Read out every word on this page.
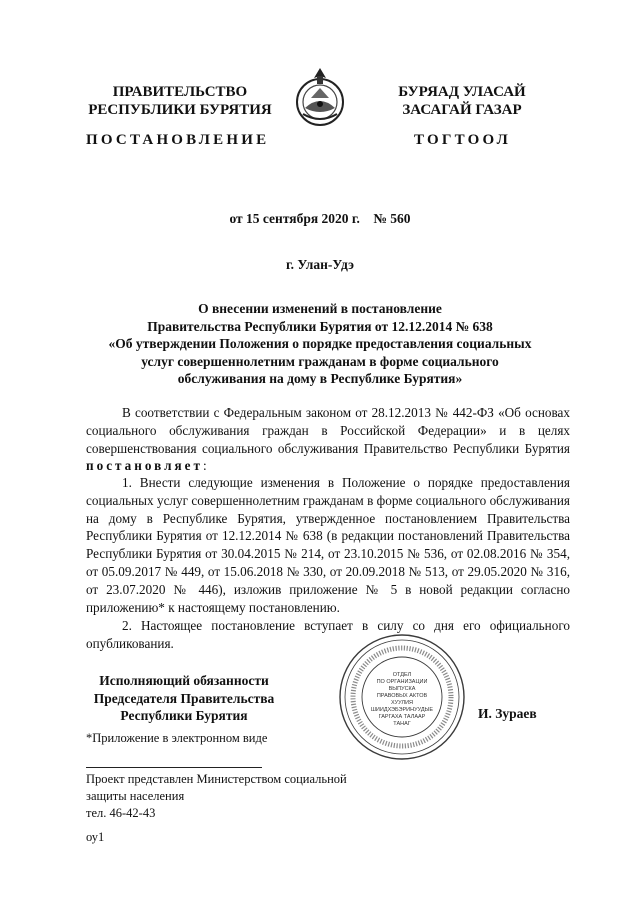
ПРАВИТЕЛЬСТВО
РЕСПУБЛИКИ БУРЯТИЯ
БУРЯАД УЛАСАЙ
ЗАСАГАЙ ГАЗАР
ПОСТАНОВЛЕНИЕ	ТОГТООЛ
от 15 сентября 2020 г.    № 560
г. Улан-Удэ
О внесении изменений в постановление
Правительства Республики Бурятия от 12.12.2014 № 638
«Об утверждении Положения о порядке предоставления социальных
услуг совершеннолетним гражданам в форме социального
обслуживания на дому в Республике Бурятия»
В соответствии с Федеральным законом от 28.12.2013 № 442-ФЗ «Об основах социального обслуживания граждан в Российской Федерации» и в целях совершенствования социального обслуживания Правительство Республики Бурятия постановляет:
1. Внести следующие изменения в Положение о порядке предоставления социальных услуг совершеннолетним гражданам в форме социального обслуживания на дому в Республике Бурятия, утвержденное постановлением Правительства Республики Бурятия от 12.12.2014 № 638 (в редакции постановлений Правительства Республики Бурятия от 30.04.2015 № 214, от 23.10.2015 № 536, от 02.08.2016 № 354, от 05.09.2017 № 449, от 15.06.2018 № 330, от 20.09.2018 № 513, от 29.05.2020 № 316, от 23.07.2020 № 446), изложив приложение № 5 в новой редакции согласно приложению* к настоящему постановлению.
2. Настоящее постановление вступает в силу со дня его официального опубликования.
Исполняющий обязанности
Председателя Правительства
Республики Бурятия
ОТДЕЛ
ПО ОРГАНИЗАЦИИ
ВЫПУСКА
ПРАВОВЫХ АКТОВ
ХУУЛИЯ
ШИИДХЭБЭРИНУУДЫЕ
ГАРГАХА ТАЛААР
ТАНАГ
И. Зураев
*Приложение в электронном виде
Проект представлен Министерством социальной
защиты населения
тел. 46-42-43
оу1
